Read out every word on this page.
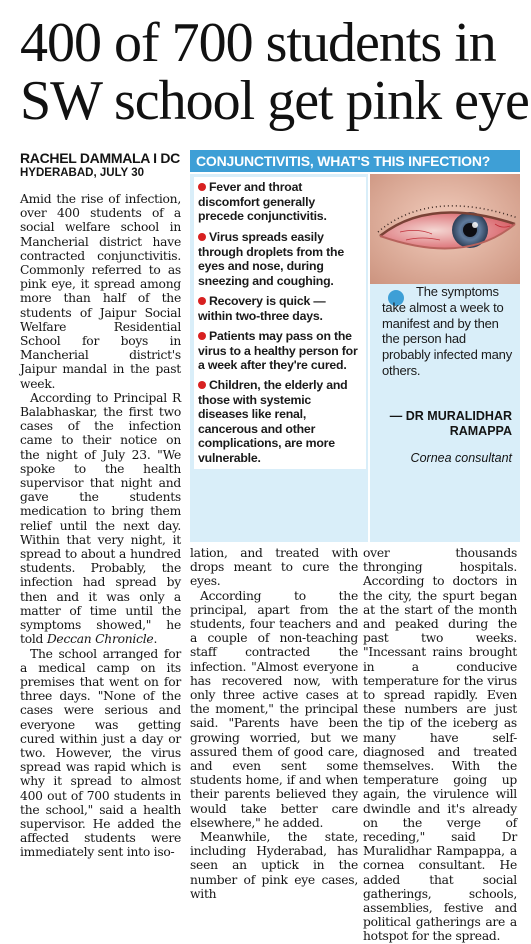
400 of 700 students in
SW school get pink eye
RACHEL DAMMALA I DC
HYDERABAD, JULY 30

Amid the rise of infection, over 400 students of a social welfare school in Mancherial district have contracted conjunctivitis. Commonly referred to as pink eye, it spread among more than half of the students of Jaipur Social Welfare Residential School for boys in Mancherial district's Jaipur mandal in the past week.

According to Principal R Balabhaskar, the first two cases of the infection came to their notice on the night of July 23. "We spoke to the health supervisor that night and gave the students medication to bring them relief until the next day. Within that very night, it spread to about a hundred students. Probably, the infection had spread by then and it was only a matter of time until the symptoms showed," he told Deccan Chronicle.

The school arranged for a medical camp on its premises that went on for three days. "None of the cases were serious and everyone was getting cured within just a day or two. However, the virus spread was rapid which is why it spread to almost 400 out of 700 students in the school," said a health supervisor. He added the affected students were immediately sent into iso-

CONJUNCTIVITIS, WHAT'S THIS INFECTION?
Fever and throat discomfort generally precede conjunctivitis.
Virus spreads easily through droplets from the eyes and nose, during sneezing and coughing.
Recovery is quick — within two-three days.
Patients may pass on the virus to a healthy person for a week after they're cured.
Children, the elderly and those with systemic diseases like renal, cancerous and other complications, are more vulnerable.
The symptoms take almost a week to manifest and by then the person had probably infected many others.
— DR MURALIDHAR RAMAPPA
Cornea consultant

lation, and treated with drops meant to cure the eyes.

According to the principal, apart from the students, four teachers and a couple of non-teaching staff contracted the infection. "Almost everyone has recovered now, with only three active cases at the moment," the principal said. "Parents have been growing worried, but we assured them of good care, and even sent some students home, if and when their parents believed they would take better care elsewhere," he added.

Meanwhile, the state, including Hyderabad, has seen an uptick in the number of pink eye cases, with

over thousands thronging hospitals. According to doctors in the city, the spurt began at the start of the month and peaked during the past two weeks. "Incessant rains brought in a conducive temperature for the virus to spread rapidly. Even these numbers are just the tip of the iceberg as many have self-diagnosed and treated themselves. With the temperature going up again, the virulence will dwindle and it's already on the verge of receding," said Dr Muralidhar Rampappa, a cornea consultant. He added that social gatherings, schools, assemblies, festive and political gatherings are a hotspot for the spread.
